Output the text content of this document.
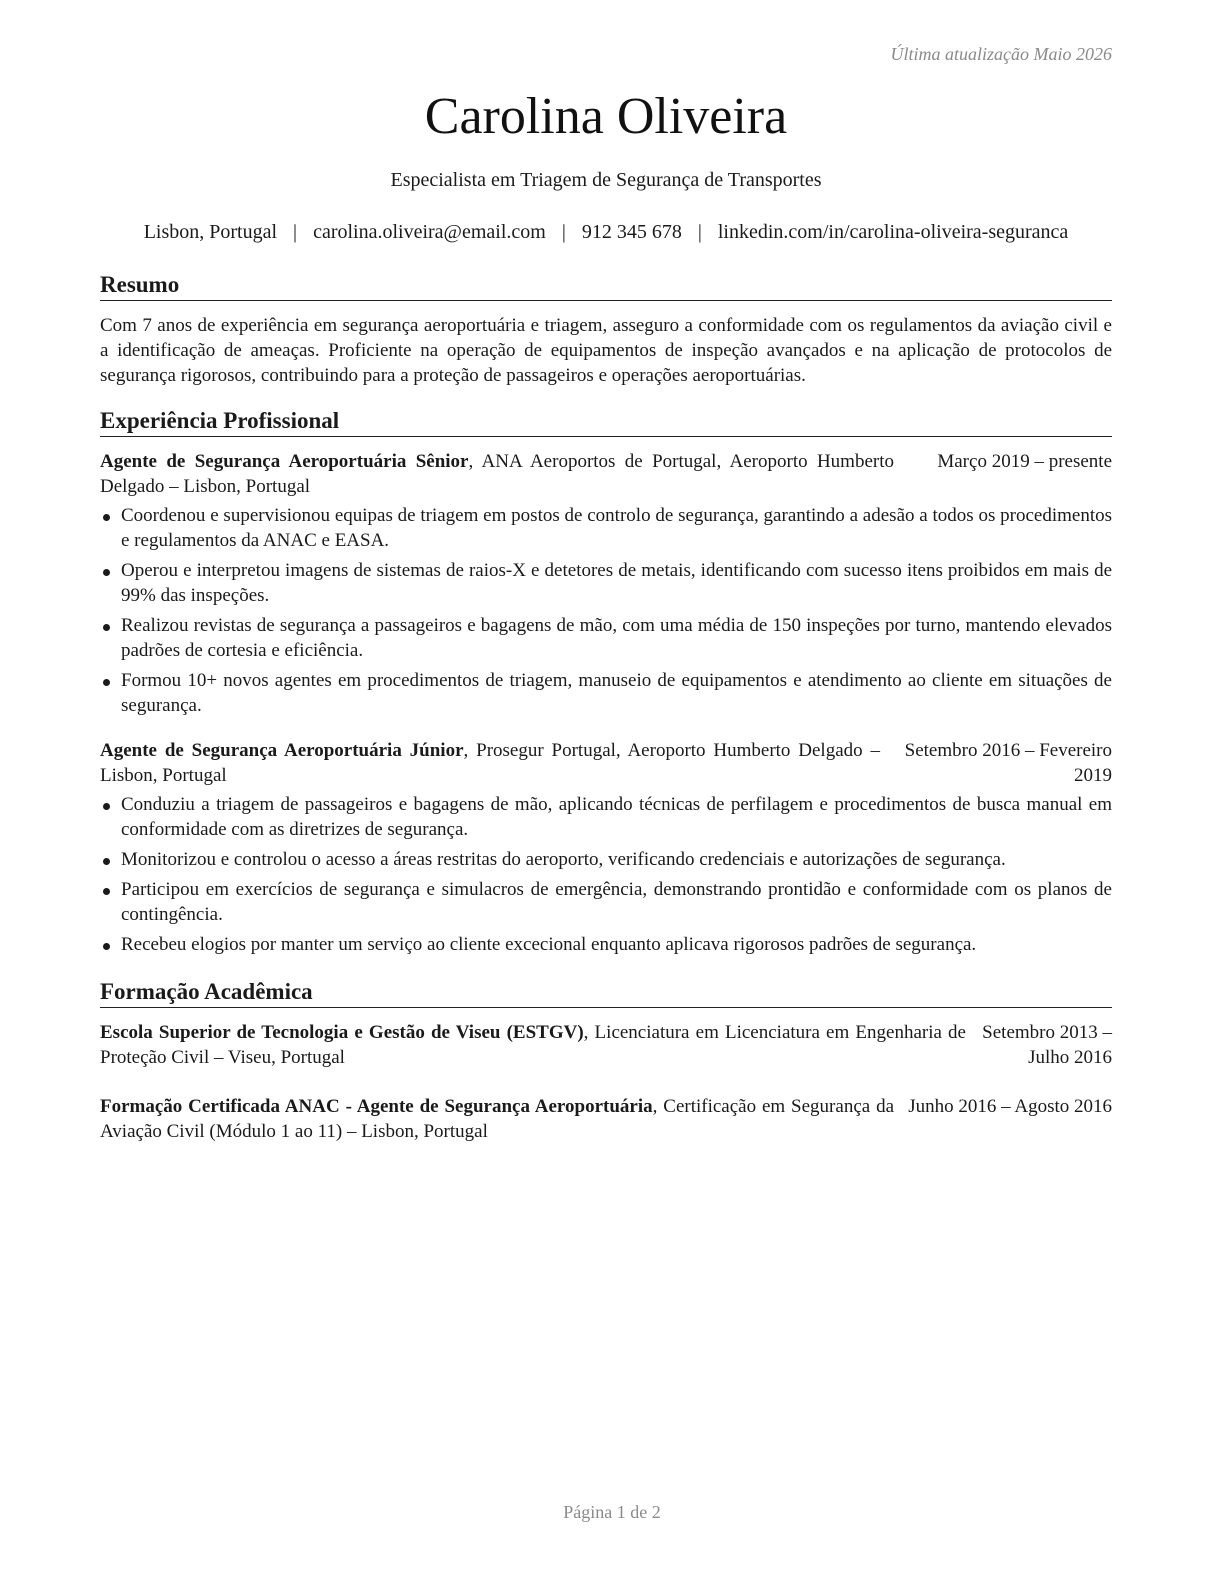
Última atualização Maio 2026
Carolina Oliveira
Especialista em Triagem de Segurança de Transportes
Lisbon, Portugal | carolina.oliveira@email.com | 912 345 678 | linkedin.com/in/carolina-oliveira-seguranca
Resumo

Com 7 anos de experiência em segurança aeroportuária e triagem, asseguro a conformidade com os regulamentos da aviação civil e a identificação de ameaças. Proficiente na operação de equipamentos de inspeção avançados e na aplicação de protocolos de segurança rigorosos, contribuindo para a proteção de passageiros e operações aeroportuárias.

Experiência Profissional
Agente de Segurança Aeroportuária Sênior, ANA Aeroportos de Portugal, Aeroporto Humberto Delgado – Lisbon, Portugal
Março 2019 – presente
Coordenou e supervisionou equipas de triagem em postos de controlo de segurança, garantindo a adesão a todos os procedimentos e regulamentos da ANAC e EASA.
Operou e interpretou imagens de sistemas de raios-X e detetores de metais, identificando com sucesso itens proibidos em mais de 99% das inspeções.
Realizou revistas de segurança a passageiros e bagagens de mão, com uma média de 150 inspeções por turno, mantendo elevados padrões de cortesia e eficiência.
Formou 10+ novos agentes em procedimentos de triagem, manuseio de equipamentos e atendimento ao cliente em situações de segurança.
Agente de Segurança Aeroportuária Júnior, Prosegur Portugal, Aeroporto Humberto Delgado – Lisbon, Portugal
Setembro 2016 – Fevereiro 2019
Conduziu a triagem de passageiros e bagagens de mão, aplicando técnicas de perfilagem e procedimentos de busca manual em conformidade com as diretrizes de segurança.
Monitorizou e controlou o acesso a áreas restritas do aeroporto, verificando credenciais e autorizações de segurança.
Participou em exercícios de segurança e simulacros de emergência, demonstrando prontidão e conformidade com os planos de contingência.
Recebeu elogios por manter um serviço ao cliente excecional enquanto aplicava rigorosos padrões de segurança.
Formação Acadêmica
Escola Superior de Tecnologia e Gestão de Viseu (ESTGV), Licenciatura em Licenciatura em Engenharia de Proteção Civil – Viseu, Portugal
Setembro 2013 – Julho 2016
Formação Certificada ANAC - Agente de Segurança Aeroportuária, Certificação em Segurança da Aviação Civil (Módulo 1 ao 11) – Lisbon, Portugal
Junho 2016 – Agosto 2016
Página 1 de 2
